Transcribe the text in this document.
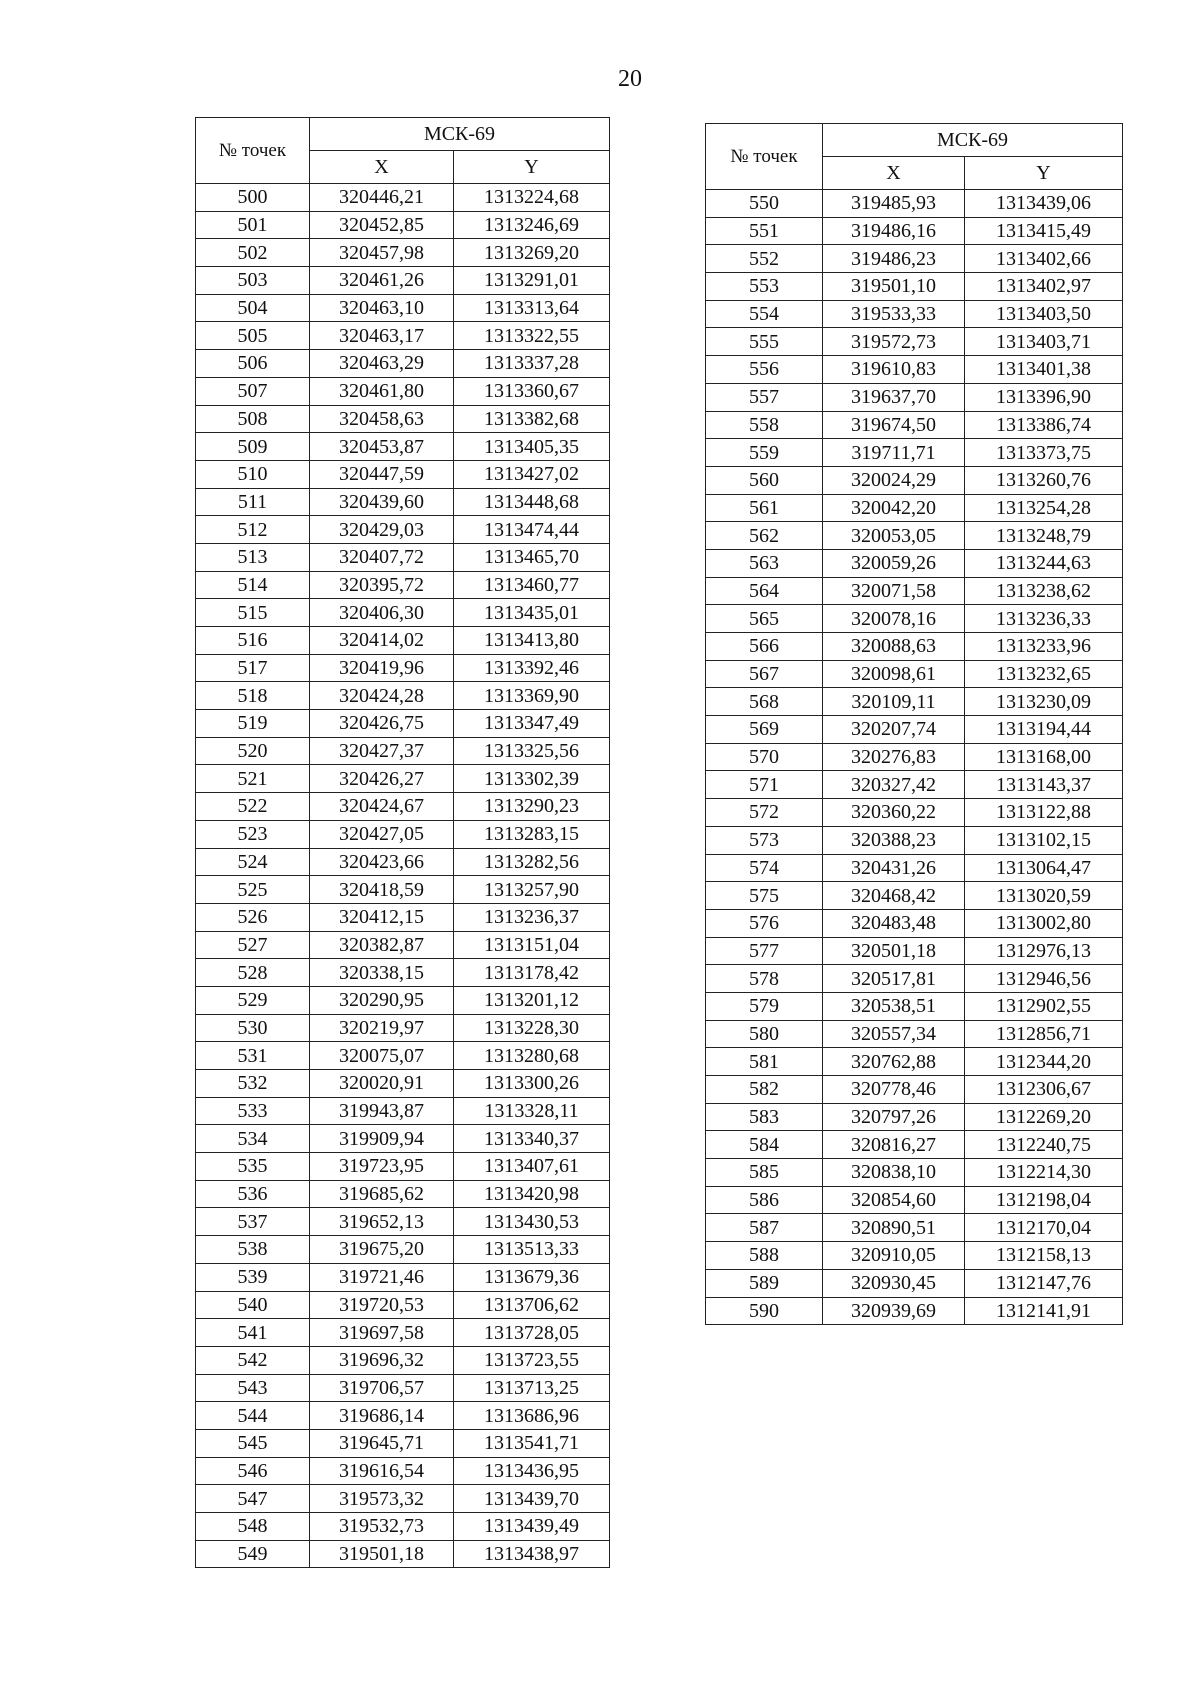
20
№ точек	МСК-69	
	X	Y
500	320446,21	1313224,68
501	320452,85	1313246,69
502	320457,98	1313269,20
503	320461,26	1313291,01
504	320463,10	1313313,64
505	320463,17	1313322,55
506	320463,29	1313337,28
507	320461,80	1313360,67
508	320458,63	1313382,68
509	320453,87	1313405,35
510	320447,59	1313427,02
511	320439,60	1313448,68
512	320429,03	1313474,44
513	320407,72	1313465,70
514	320395,72	1313460,77
515	320406,30	1313435,01
516	320414,02	1313413,80
517	320419,96	1313392,46
518	320424,28	1313369,90
519	320426,75	1313347,49
520	320427,37	1313325,56
521	320426,27	1313302,39
522	320424,67	1313290,23
523	320427,05	1313283,15
524	320423,66	1313282,56
525	320418,59	1313257,90
526	320412,15	1313236,37
527	320382,87	1313151,04
528	320338,15	1313178,42
529	320290,95	1313201,12
530	320219,97	1313228,30
531	320075,07	1313280,68
532	320020,91	1313300,26
533	319943,87	1313328,11
534	319909,94	1313340,37
535	319723,95	1313407,61
536	319685,62	1313420,98
537	319652,13	1313430,53
538	319675,20	1313513,33
539	319721,46	1313679,36
540	319720,53	1313706,62
541	319697,58	1313728,05
542	319696,32	1313723,55
543	319706,57	1313713,25
544	319686,14	1313686,96
545	319645,71	1313541,71
546	319616,54	1313436,95
547	319573,32	1313439,70
548	319532,73	1313439,49
549	319501,18	1313438,97
№ точек	МСК-69	
	X	Y
550	319485,93	1313439,06
551	319486,16	1313415,49
552	319486,23	1313402,66
553	319501,10	1313402,97
554	319533,33	1313403,50
555	319572,73	1313403,71
556	319610,83	1313401,38
557	319637,70	1313396,90
558	319674,50	1313386,74
559	319711,71	1313373,75
560	320024,29	1313260,76
561	320042,20	1313254,28
562	320053,05	1313248,79
563	320059,26	1313244,63
564	320071,58	1313238,62
565	320078,16	1313236,33
566	320088,63	1313233,96
567	320098,61	1313232,65
568	320109,11	1313230,09
569	320207,74	1313194,44
570	320276,83	1313168,00
571	320327,42	1313143,37
572	320360,22	1313122,88
573	320388,23	1313102,15
574	320431,26	1313064,47
575	320468,42	1313020,59
576	320483,48	1313002,80
577	320501,18	1312976,13
578	320517,81	1312946,56
579	320538,51	1312902,55
580	320557,34	1312856,71
581	320762,88	1312344,20
582	320778,46	1312306,67
583	320797,26	1312269,20
584	320816,27	1312240,75
585	320838,10	1312214,30
586	320854,60	1312198,04
587	320890,51	1312170,04
588	320910,05	1312158,13
589	320930,45	1312147,76
590	320939,69	1312141,91
